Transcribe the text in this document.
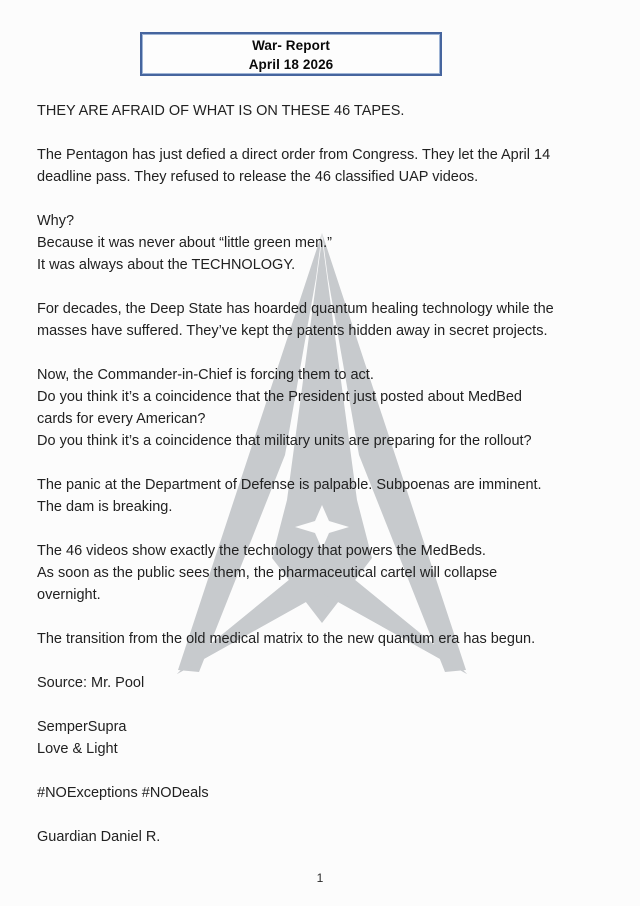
War- Report
April 18 2026

THEY ARE AFRAID OF WHAT IS ON THESE 46 TAPES.

The Pentagon has just defied a direct order from Congress. They let the April 14
deadline pass. They refused to release the 46 classified UAP videos.

Why?
Because it was never about “little green men.”
It was always about the TECHNOLOGY.

For decades, the Deep State has hoarded quantum healing technology while the
masses have suffered. They’ve kept the patents hidden away in secret projects.

Now, the Commander-in-Chief is forcing them to act.
Do you think it’s a coincidence that the President just posted about MedBed
cards for every American?
Do you think it’s a coincidence that military units are preparing for the rollout?

The panic at the Department of Defense is palpable. Subpoenas are imminent.
The dam is breaking.

The 46 videos show exactly the technology that powers the MedBeds.
As soon as the public sees them, the pharmaceutical cartel will collapse
overnight.

The transition from the old medical matrix to the new quantum era has begun.

Source: Mr. Pool

SemperSupra
Love & Light

#NOExceptions #NODeals

Guardian Daniel R.

1
